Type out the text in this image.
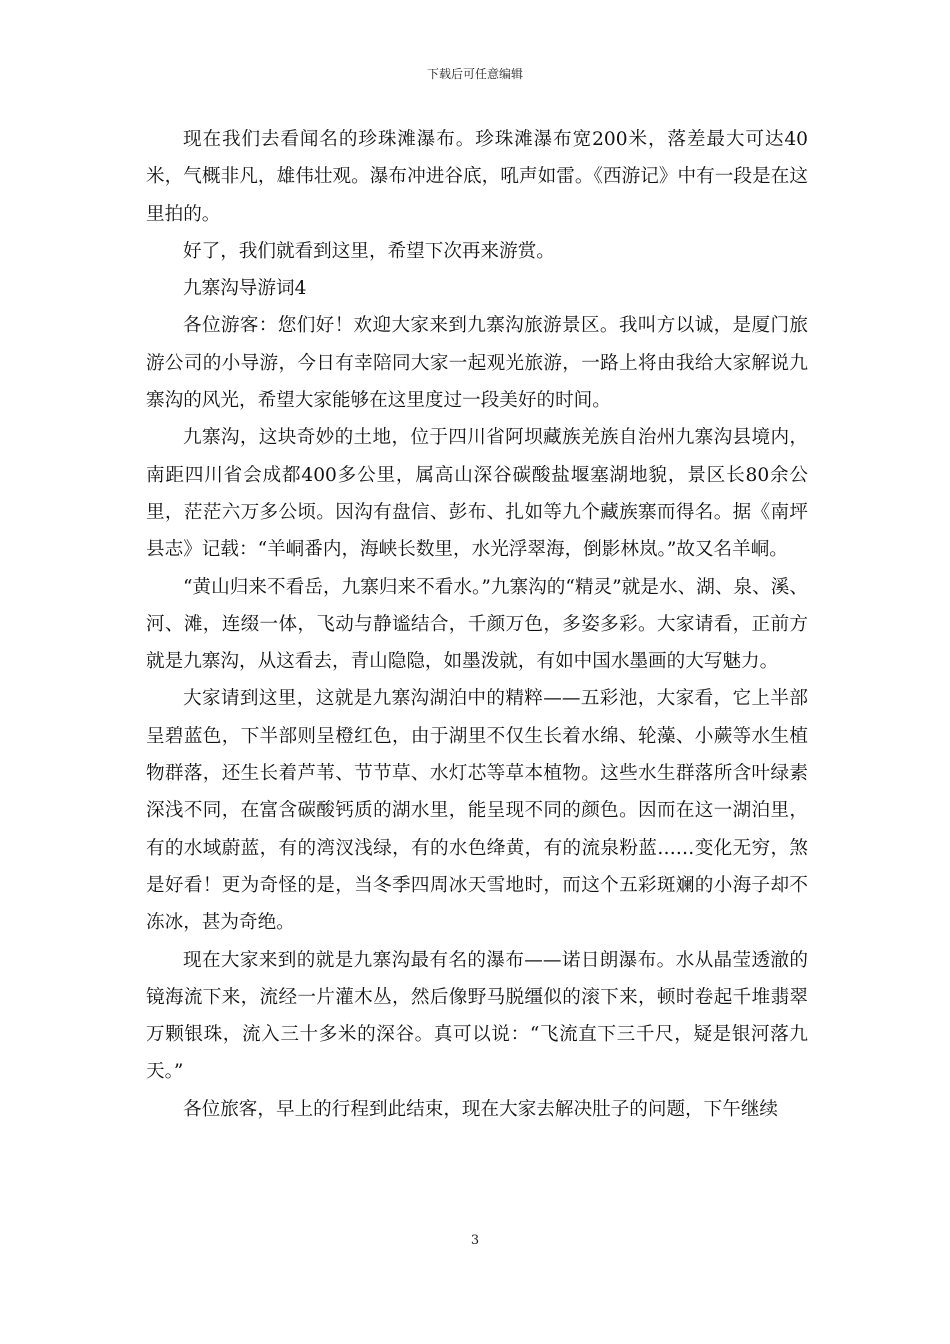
下载后可任意编辑

现在我们去看闻名的珍珠滩瀑布。珍珠滩瀑布宽200米，落差最大可达40米，气概非凡，雄伟壮观。瀑布冲进谷底，吼声如雷。《西游记》中有一段是在这里拍的。

好了，我们就看到这里，希望下次再来游赏。

九寨沟导游词4

各位游客：您们好！欢迎大家来到九寨沟旅游景区。我叫方以诚，是厦门旅游公司的小导游，今日有幸陪同大家一起观光旅游，一路上将由我给大家解说九寨沟的风光，希望大家能够在这里度过一段美好的时间。

九寨沟，这块奇妙的土地，位于四川省阿坝藏族羌族自治州九寨沟县境内，南距四川省会成都400多公里，属高山深谷碳酸盐堰塞湖地貌，景区长80余公里，茫茫六万多公顷。因沟有盘信、彭布、扎如等九个藏族寨而得名。据《南坪县志》记载：“羊峒番内，海峡长数里，水光浮翠海，倒影林岚。”故又名羊峒。

“黄山归来不看岳，九寨归来不看水。”九寨沟的“精灵”就是水、湖、泉、溪、河、滩，连缀一体，飞动与静谧结合，千颜万色，多姿多彩。大家请看，正前方就是九寨沟，从这看去，青山隐隐，如墨泼就，有如中国水墨画的大写魅力。

大家请到这里，这就是九寨沟湖泊中的精粹——五彩池，大家看，它上半部呈碧蓝色，下半部则呈橙红色，由于湖里不仅生长着水绵、轮藻、小蕨等水生植物群落，还生长着芦苇、节节草、水灯芯等草本植物。这些水生群落所含叶绿素深浅不同，在富含碳酸钙质的湖水里，能呈现不同的颜色。因而在这一湖泊里，有的水域蔚蓝，有的湾汊浅绿，有的水色绛黄，有的流泉粉蓝……变化无穷，煞是好看！更为奇怪的是，当冬季四周冰天雪地时，而这个五彩斑斓的小海子却不冻冰，甚为奇绝。

现在大家来到的就是九寨沟最有名的瀑布——诺日朗瀑布。水从晶莹透澈的镜海流下来，流经一片灌木丛，然后像野马脱缰似的滚下来，顿时卷起千堆翡翠万颗银珠，流入三十多米的深谷。真可以说：“飞流直下三千尺，疑是银河落九天。”

各位旅客，早上的行程到此结束，现在大家去解决肚子的问题，下午继续

3
